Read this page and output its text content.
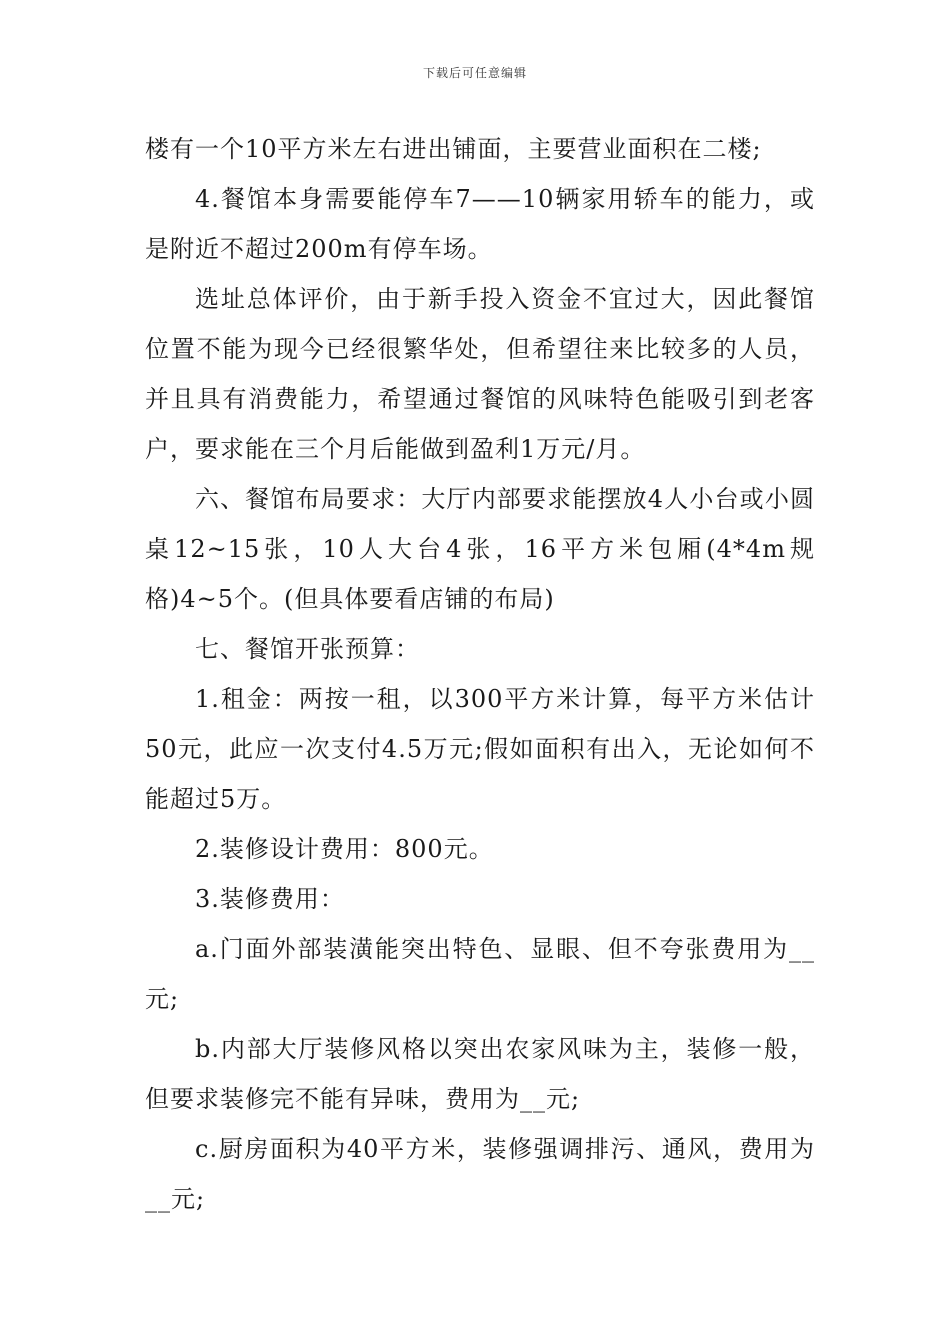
下载后可任意编辑

楼有一个10平方米左右进出铺面，主要营业面积在二楼;

4.餐馆本身需要能停车7——10辆家用轿车的能力，或是附近不超过200m有停车场。

选址总体评价，由于新手投入资金不宜过大，因此餐馆位置不能为现今已经很繁华处，但希望往来比较多的人员，并且具有消费能力，希望通过餐馆的风味特色能吸引到老客户，要求能在三个月后能做到盈利1万元/月。

六、餐馆布局要求：大厅内部要求能摆放4人小台或小圆桌12~15张，10人大台4张，16平方米包厢(4*4m规格)4~5个。(但具体要看店铺的布局)

七、餐馆开张预算：

1.租金：两按一租，以300平方米计算，每平方米估计50元，此应一次支付4.5万元;假如面积有出入，无论如何不能超过5万。

2.装修设计费用：800元。

3.装修费用：

a.门面外部装潢能突出特色、显眼、但不夸张费用为__元;

b.内部大厅装修风格以突出农家风味为主，装修一般，但要求装修完不能有异味，费用为__元;

c.厨房面积为40平方米，装修强调排污、通风，费用为__元;
